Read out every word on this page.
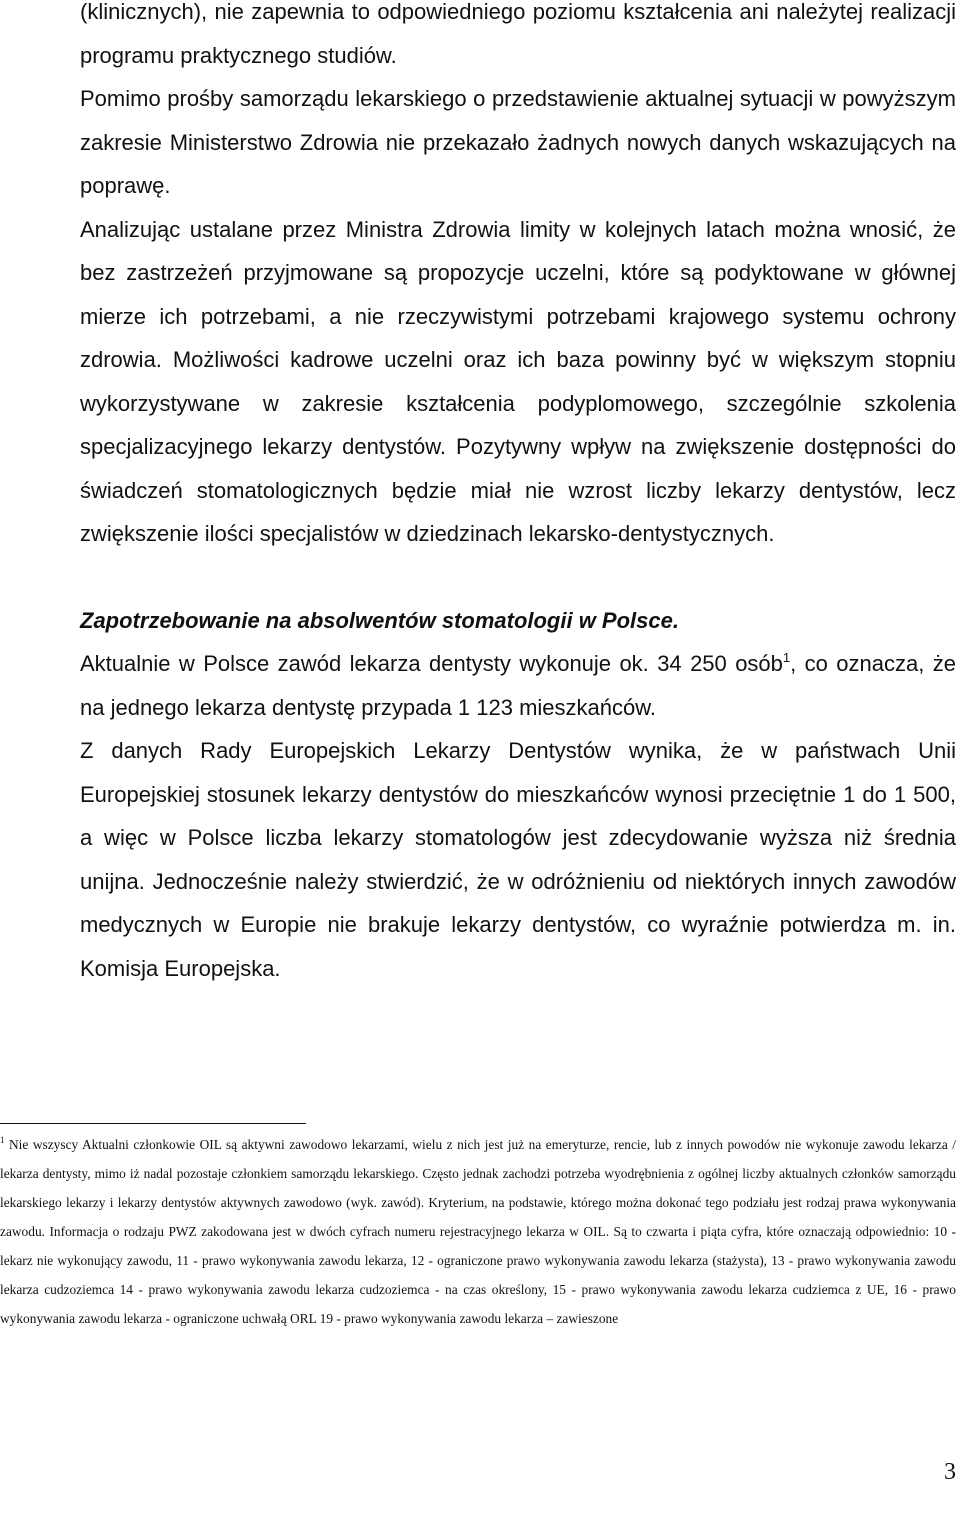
(klinicznych), nie zapewnia to odpowiedniego poziomu kształcenia ani należytej realizacji programu praktycznego studiów.

Pomimo prośby samorządu lekarskiego o przedstawienie aktualnej sytuacji w powyższym zakresie Ministerstwo Zdrowia nie przekazało żadnych nowych danych wskazujących na poprawę.

Analizując ustalane przez Ministra Zdrowia limity w kolejnych latach można wnosić, że bez zastrzeżeń przyjmowane są propozycje uczelni, które są podyktowane w głównej mierze ich potrzebami, a nie rzeczywistymi potrzebami krajowego systemu ochrony zdrowia. Możliwości kadrowe uczelni oraz ich baza powinny być w większym stopniu wykorzystywane w zakresie kształcenia podyplomowego, szczególnie szkolenia specjalizacyjnego lekarzy dentystów. Pozytywny wpływ na zwiększenie dostępności do świadczeń stomatologicznych będzie miał nie wzrost liczby lekarzy dentystów, lecz zwiększenie ilości specjalistów w dziedzinach lekarsko-dentystycznych.

Zapotrzebowanie na absolwentów stomatologii w Polsce.

Aktualnie w Polsce zawód lekarza dentysty wykonuje ok. 34 250 osób$^1$, co oznacza, że na jednego lekarza dentystę przypada 1 123 mieszkańców.

Z danych Rady Europejskich Lekarzy Dentystów wynika, że w państwach Unii Europejskiej stosunek lekarzy dentystów do mieszkańców wynosi przeciętnie 1 do 1 500, a więc w Polsce liczba lekarzy stomatologów jest zdecydowanie wyższa niż średnia unijna. Jednocześnie należy stwierdzić, że w odróżnieniu od niektórych innych zawodów medycznych w Europie nie brakuje lekarzy dentystów, co wyraźnie potwierdza m. in. Komisja Europejska.

$^1$ Nie wszyscy Aktualni członkowie OIL są aktywni zawodowo lekarzami, wielu z nich jest już na emeryturze, rencie, lub z innych powodów nie wykonuje zawodu lekarza / lekarza dentysty, mimo iż nadal pozostaje członkiem samorządu lekarskiego. Często jednak zachodzi potrzeba wyodrębnienia z ogólnej liczby aktualnych członków samorządu lekarskiego lekarzy i lekarzy dentystów aktywnych zawodowo (wyk. zawód). Kryterium, na podstawie, którego można dokonać tego podziału jest rodzaj prawa wykonywania zawodu. Informacja o rodzaju PWZ zakodowana jest w dwóch cyfrach numeru rejestracyjnego lekarza w OIL. Są to czwarta i piąta cyfra, które oznaczają odpowiednio: 10 - lekarz nie wykonujący zawodu, 11 - prawo wykonywania zawodu lekarza, 12 - ograniczone prawo wykonywania zawodu lekarza (stażysta), 13 - prawo wykonywania zawodu lekarza cudzoziemca 14 - prawo wykonywania zawodu lekarza cudzoziemca - na czas określony, 15 - prawo wykonywania zawodu lekarza cudziemca z UE, 16 - prawo wykonywania zawodu lekarza - ograniczone uchwałą ORL 19 - prawo wykonywania zawodu lekarza – zawieszone

3
